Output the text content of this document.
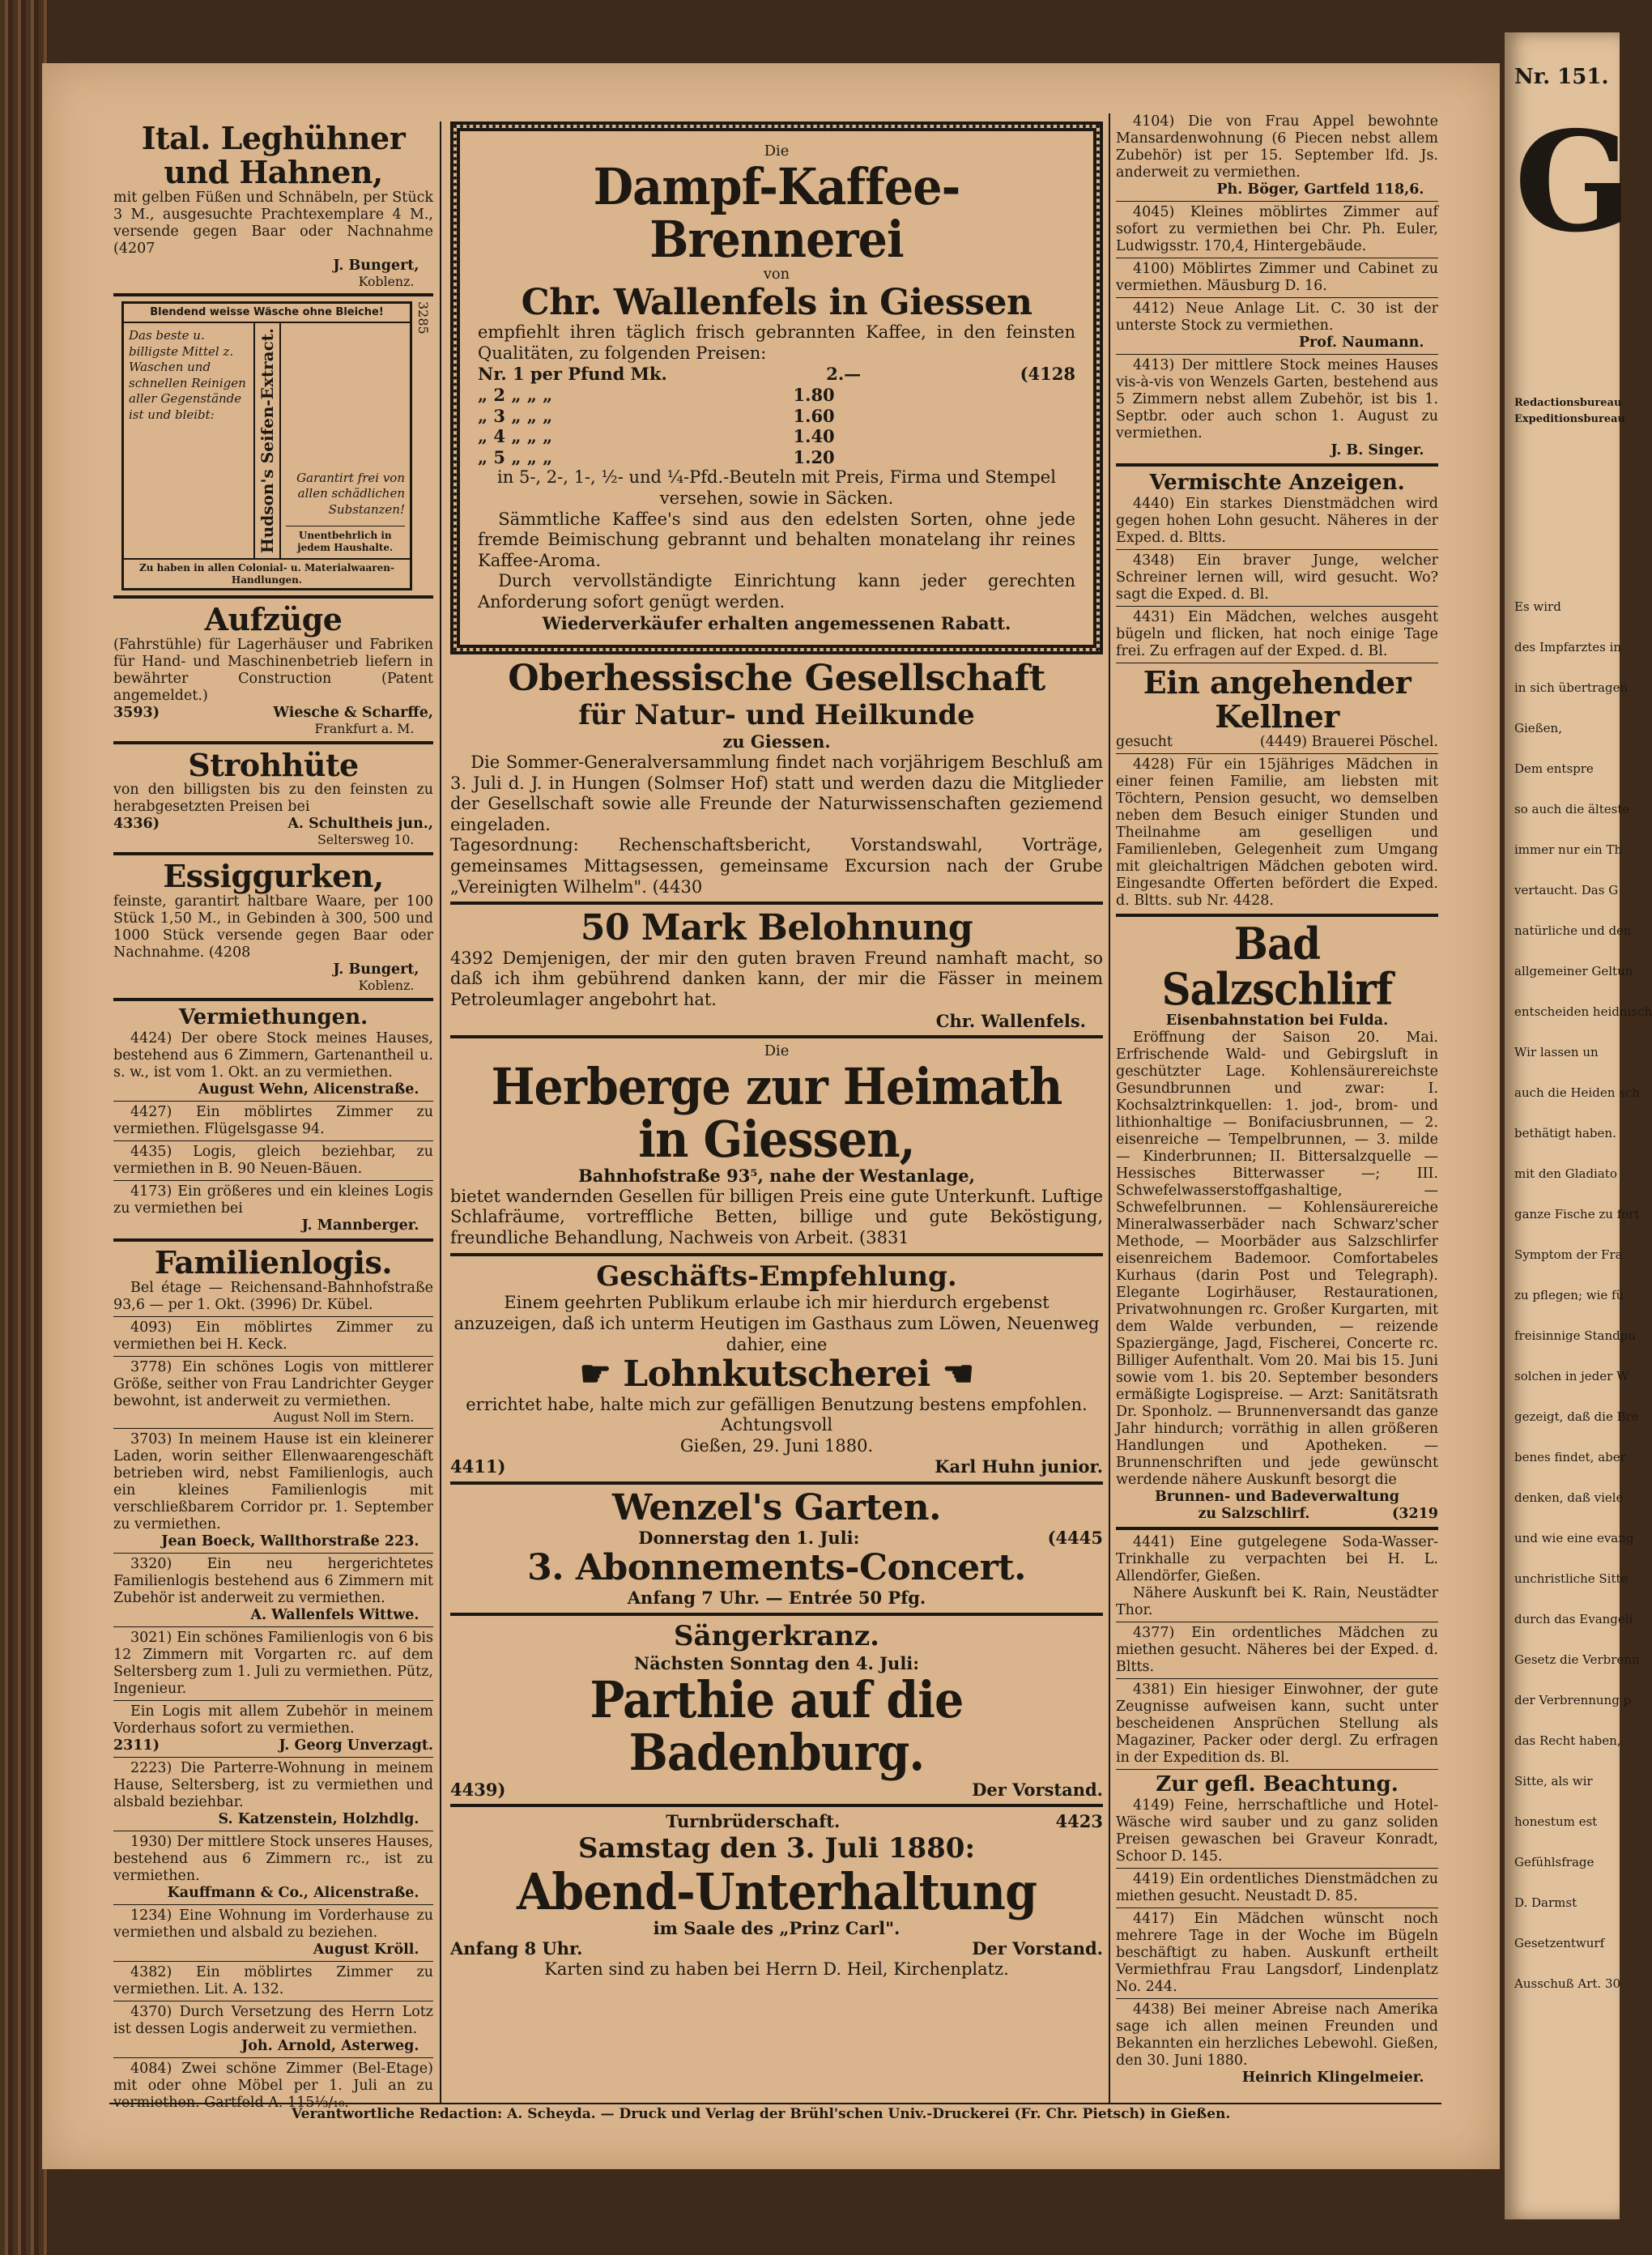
Ital. Leghühner und Hahnen,
mit gelben Füßen und Schnäbeln, per Stück 3 M., ausgesuchte Prachtexemplare 4 M., versende gegen Baar oder Nachnahme (4207
J. Bungert,
Koblenz.
Blendend weisse Wäsche ohne Bleiche!
Das beste u. billigste Mittel z. Waschen und schnellen Reinigen aller Gegenstände ist und bleibt:	Hudson's Seifen-Extract.	Garantirt frei von allen schädlichen Substanzen!
Unentbehrlich in jedem Haushalte.
Zu haben in allen Colonial- u. Materialwaaren-Handlungen.
3285
Aufzüge
(Fahrstühle) für Lagerhäuser und Fabriken für Hand- und Maschinenbetrieb liefern in bewährter Construction (Patent angemeldet.)
3593)	Wiesche & Scharffe,
Frankfurt a. M.
Strohhüte
von den billigsten bis zu den feinsten zu herabgesetzten Preisen bei
4336)	A. Schultheis jun.,
Seltersweg 10.
Essiggurken,
feinste, garantirt haltbare Waare, per 100 Stück 1,50 M., in Gebinden à 300, 500 und 1000 Stück versende gegen Baar oder Nachnahme. (4208
J. Bungert,
Koblenz.
Vermiethungen.
4424) Der obere Stock meines Hauses, bestehend aus 6 Zimmern, Gartenantheil u. s. w., ist vom 1. Okt. an zu vermiethen.
August Wehn, Alicenstraße.
4427) Ein möblirtes Zimmer zu vermiethen. Flügelsgasse 94.
4435) Logis, gleich beziehbar, zu vermiethen in B. 90 Neuen-Bäuen.
4173) Ein größeres und ein kleines Logis zu vermiethen bei
J. Mannberger.
Familienlogis.
Bel étage — Reichensand-Bahnhofstraße 93,6 — per 1. Okt. (3996) Dr. Kübel.
4093) Ein möblirtes Zimmer zu vermiethen bei H. Keck.
3778) Ein schönes Logis von mittlerer Größe, seither von Frau Landrichter Geyger bewohnt, ist anderweit zu vermiethen.
August Noll im Stern.
3703) In meinem Hause ist ein kleinerer Laden, worin seither Ellenwaarengeschäft betrieben wird, nebst Familienlogis, auch ein kleines Familienlogis mit verschließbarem Corridor pr. 1. September zu vermiethen.
Jean Boeck, Wallthorstraße 223.
3320) Ein neu hergerichtetes Familienlogis bestehend aus 6 Zimmern mit Zubehör ist anderweit zu vermiethen.
A. Wallenfels Wittwe.
3021) Ein schönes Familienlogis von 6 bis 12 Zimmern mit Vorgarten rc. auf dem Seltersberg zum 1. Juli zu vermiethen. Pütz, Ingenieur.
Ein Logis mit allem Zubehör in meinem Vorderhaus sofort zu vermiethen.
2311)	J. Georg Unverzagt.
2223) Die Parterre-Wohnung in meinem Hause, Seltersberg, ist zu vermiethen und alsbald beziehbar.
S. Katzenstein, Holzhdlg.
1930) Der mittlere Stock unseres Hauses, bestehend aus 6 Zimmern rc., ist zu vermiethen.
Kauffmann & Co., Alicenstraße.
1234) Eine Wohnung im Vorderhause zu vermiethen und alsbald zu beziehen.
August Kröll.
4382) Ein möblirtes Zimmer zu vermiethen. Lit. A. 132.
4370) Durch Versetzung des Herrn Lotz ist dessen Logis anderweit zu vermiethen.
Joh. Arnold, Asterweg.
4084) Zwei schöne Zimmer (Bel-Etage) mit oder ohne Möbel per 1. Juli an zu vermiethen. Gartfeld A. 115⅓/₁₀.
Die
Dampf-Kaffee-Brennerei
von
Chr. Wallenfels in Giessen
empfiehlt ihren täglich frisch gebrannten Kaffee, in den feinsten Qualitäten, zu folgenden Preisen:
Nr. 1 per Pfund Mk.	2.—	(4128
„ 2 „ „ „	1.80
„ 3 „ „ „	1.60
„ 4 „ „ „	1.40
„ 5 „ „ „	1.20
in 5-, 2-, 1-, ½- und ¼-Pfd.-Beuteln mit Preis, Firma und Stempel versehen, sowie in Säcken.
Sämmtliche Kaffee's sind aus den edelsten Sorten, ohne jede fremde Beimischung gebrannt und behalten monatelang ihr reines Kaffee-Aroma.
Durch vervollständigte Einrichtung kann jeder gerechten Anforderung sofort genügt werden.
Wiederverkäufer erhalten angemessenen Rabatt.
Oberhessische Gesellschaft
für Natur- und Heilkunde
zu Giessen.
Die Sommer-Generalversammlung findet nach vorjährigem Beschluß am 3. Juli d. J. in Hungen (Solmser Hof) statt und werden dazu die Mitglieder der Gesellschaft sowie alle Freunde der Naturwissenschaften geziemend eingeladen.
Tagesordnung: Rechenschaftsbericht, Vorstandswahl, Vorträge, gemeinsames Mittagsessen, gemeinsame Excursion nach der Grube „Vereinigten Wilhelm". (4430
50 Mark Belohnung
4392 Demjenigen, der mir den guten braven Freund namhaft macht, so daß ich ihm gebührend danken kann, der mir die Fässer in meinem Petroleumlager angebohrt hat.
Chr. Wallenfels.
Die
Herberge zur Heimath in Giessen,
Bahnhofstraße 93⁵, nahe der Westanlage,
bietet wandernden Gesellen für billigen Preis eine gute Unterkunft. Luftige Schlafräume, vortreffliche Betten, billige und gute Beköstigung, freundliche Behandlung, Nachweis von Arbeit. (3831
Geschäfts-Empfehlung.
Einem geehrten Publikum erlaube ich mir hierdurch ergebenst anzuzeigen, daß ich unterm Heutigen im Gasthaus zum Löwen, Neuenweg dahier, eine
☛ Lohnkutscherei ☚
errichtet habe, halte mich zur gefälligen Benutzung bestens empfohlen. Achtungsvoll
Gießen, 29. Juni 1880.
4411)	Karl Huhn junior.
Wenzel's Garten.
Donnerstag den 1. Juli:	(4445
3. Abonnements-Concert.
Anfang 7 Uhr. — Entrée 50 Pfg.
Sängerkranz.
Nächsten Sonntag den 4. Juli:
Parthie auf die Badenburg.
4439)	Der Vorstand.
Turnbrüderschaft.	4423
Samstag den 3. Juli 1880:
Abend-Unterhaltung
im Saale des „Prinz Carl".
Anfang 8 Uhr.	Der Vorstand.
Karten sind zu haben bei Herrn D. Heil, Kirchenplatz.
4104) Die von Frau Appel bewohnte Mansardenwohnung (6 Piecen nebst allem Zubehör) ist per 15. September lfd. Js. anderweit zu vermiethen.
Ph. Böger, Gartfeld 118,6.
4045) Kleines möblirtes Zimmer auf sofort zu vermiethen bei Chr. Ph. Euler, Ludwigsstr. 170,4, Hintergebäude.
4100) Möblirtes Zimmer und Cabinet zu vermiethen. Mäusburg D. 16.
4412) Neue Anlage Lit. C. 30 ist der unterste Stock zu vermiethen.
Prof. Naumann.
4413) Der mittlere Stock meines Hauses vis-à-vis von Wenzels Garten, bestehend aus 5 Zimmern nebst allem Zubehör, ist bis 1. Septbr. oder auch schon 1. August zu vermiethen.
J. B. Singer.
Vermischte Anzeigen.
4440) Ein starkes Dienstmädchen wird gegen hohen Lohn gesucht. Näheres in der Exped. d. Bltts.
4348) Ein braver Junge, welcher Schreiner lernen will, wird gesucht. Wo? sagt die Exped. d. Bl.
4431) Ein Mädchen, welches ausgeht bügeln und flicken, hat noch einige Tage frei. Zu erfragen auf der Exped. d. Bl.
Ein angehender Kellner
gesucht	(4449) Brauerei Pöschel.
4428) Für ein 15jähriges Mädchen in einer feinen Familie, am liebsten mit Töchtern, Pension gesucht, wo demselben neben dem Besuch einiger Stunden und Theilnahme am geselligen und Familienleben, Gelegenheit zum Umgang mit gleichaltrigen Mädchen geboten wird. Eingesandte Offerten befördert die Exped. d. Bltts. sub Nr. 4428.
Bad Salzschlirf
Eisenbahnstation bei Fulda.
Eröffnung der Saison 20. Mai. Erfrischende Wald- und Gebirgsluft in geschützter Lage. Kohlensäurereichste Gesundbrunnen und zwar: I. Kochsalztrinkquellen: 1. jod-, brom- und lithionhaltige — Bonifaciusbrunnen, — 2. eisenreiche — Tempelbrunnen, — 3. milde — Kinderbrunnen; II. Bittersalzquelle — Hessisches Bitterwasser —; III. Schwefelwasserstoffgashaltige, — Schwefelbrunnen. — Kohlensäurereiche Mineralwasserbäder nach Schwarz'scher Methode, — Moorbäder aus Salzschlirfer eisenreichem Bademoor. Comfortabeles Kurhaus (darin Post und Telegraph). Elegante Logirhäuser, Restaurationen, Privatwohnungen rc. Großer Kurgarten, mit dem Walde verbunden, — reizende Spaziergänge, Jagd, Fischerei, Concerte rc. Billiger Aufenthalt. Vom 20. Mai bis 15. Juni sowie vom 1. bis 20. September besonders ermäßigte Logispreise. — Arzt: Sanitätsrath Dr. Sponholz. — Brunnenversandt das ganze Jahr hindurch; vorräthig in allen größeren Handlungen und Apotheken. — Brunnenschriften und jede gewünscht werdende nähere Auskunft besorgt die
Brunnen- und Badeverwaltung
zu Salzschlirf.	(3219
4441) Eine gutgelegene Soda-Wasser-Trinkhalle zu verpachten bei H. L. Allendörfer, Gießen.
Nähere Auskunft bei K. Rain, Neustädter Thor.
4377) Ein ordentliches Mädchen zu miethen gesucht. Näheres bei der Exped. d. Bltts.
4381) Ein hiesiger Einwohner, der gute Zeugnisse aufweisen kann, sucht unter bescheidenen Ansprüchen Stellung als Magaziner, Packer oder dergl. Zu erfragen in der Expedition ds. Bl.
Zur gefl. Beachtung.
4149) Feine, herrschaftliche und Hotel-Wäsche wird sauber und zu ganz soliden Preisen gewaschen bei Graveur Konradt, Schoor D. 145.
4419) Ein ordentliches Dienstmädchen zu miethen gesucht. Neustadt D. 85.
4417) Ein Mädchen wünscht noch mehrere Tage in der Woche im Bügeln beschäftigt zu haben. Auskunft ertheilt Vermiethfrau Frau Langsdorf, Lindenplatz No. 244.
4438) Bei meiner Abreise nach Amerika sage ich allen meinen Freunden und Bekannten ein herzliches Lebewohl. Gießen, den 30. Juni 1880.
Heinrich Klingelmeier.
Verantwortliche Redaction: A. Scheyda. — Druck und Verlag der Brühl'schen Univ.-Druckerei (Fr. Chr. Pietsch) in Gießen.
Nr. 151.
G
Redactionsbureau
Expeditionsbureau
Es wird
des Impfarztes in
in sich übertragen
Gießen,
Dem entspre
so auch die älteste
immer nur ein Th
vertaucht. Das G
natürliche und den
allgemeiner Geltun
entscheiden heidnisch
Wir lassen un
auch die Heiden sch
bethätigt haben.
mit den Gladiato
ganze Fische zu fort
Symptom der Fra
zu pflegen; wie fü
freisinnige Standpu
solchen in jeder W
gezeigt, daß die Bre
benes findet, aber
denken, daß viele
und wie eine evang
unchristliche Sitte
durch das Evangeli
Gesetz die Verbrenn
der Verbrennung p
das Recht haben,
Sitte, als wir
honestum est
Gefühlsfrage
D. Darmst
Gesetzentwurf
Ausschuß Art. 30
